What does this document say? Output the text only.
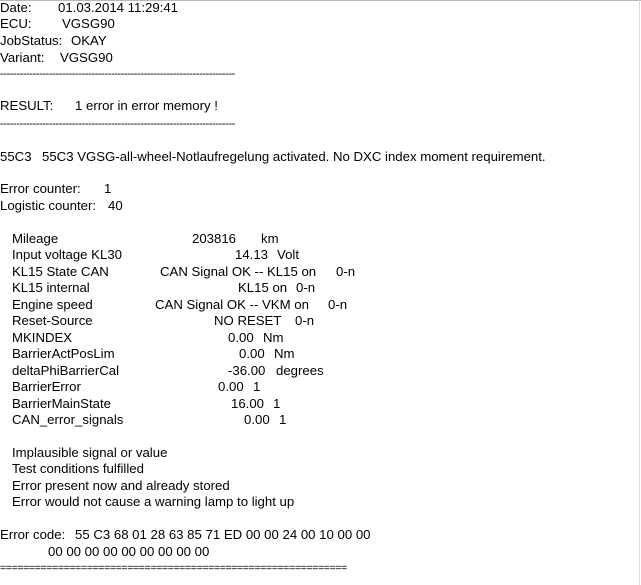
Date: 01.03.2014 11:29:41
ECU: VGSG90
JobStatus: OKAY
Variant: VGSG90
------------------------------------------------------------------------
RESULT: 1 error in error memory !
------------------------------------------------------------------------
55C3 55C3 VGSG-all-wheel-Notlaufregelung activated. No DXC index moment requirement.
Error counter: 1
Logistic counter: 40
Mileage	203816 km
Input voltage KL30	14.13 Volt
KL15 State CAN	CAN Signal OK -- KL15 on 0-n
KL15 internal	KL15 on 0-n
Engine speed	CAN Signal OK -- VKM on 0-n
Reset-Source	NO RESET 0-n
MKINDEX	0.00 Nm
BarrierActPosLim	0.00 Nm
deltaPhiBarrierCal	-36.00 degrees
BarrierError	0.00 1
BarrierMainState	16.00 1
CAN_error_signals	0.00 1
Implausible signal or value
Test conditions fulfilled
Error present now and already stored
Error would not cause a warning lamp to light up
Error code: 55 C3 68 01 28 63 85 71 ED 00 00 24 00 10 00 00
00 00 00 00 00 00 00 00 00
============================================================
